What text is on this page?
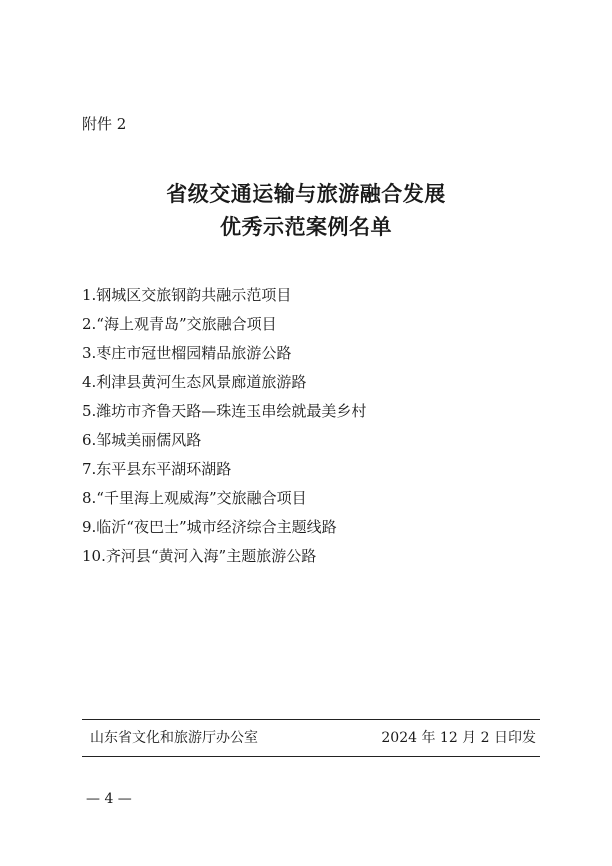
附件 2
省级交通运输与旅游融合发展
优秀示范案例名单
1.钢城区交旅钢韵共融示范项目
2.“海上观青岛”交旅融合项目
3.枣庄市冠世榴园精品旅游公路
4.利津县黄河生态风景廊道旅游路
5.潍坊市齐鲁天路—珠连玉串绘就最美乡村
6.邹城美丽儒风路
7.东平县东平湖环湖路
8.“千里海上观威海”交旅融合项目
9.临沂“夜巴士”城市经济综合主题线路
10.齐河县“黄河入海”主题旅游公路
山东省文化和旅游厅办公室	2024 年 12 月 2 日印发
— 4 —
